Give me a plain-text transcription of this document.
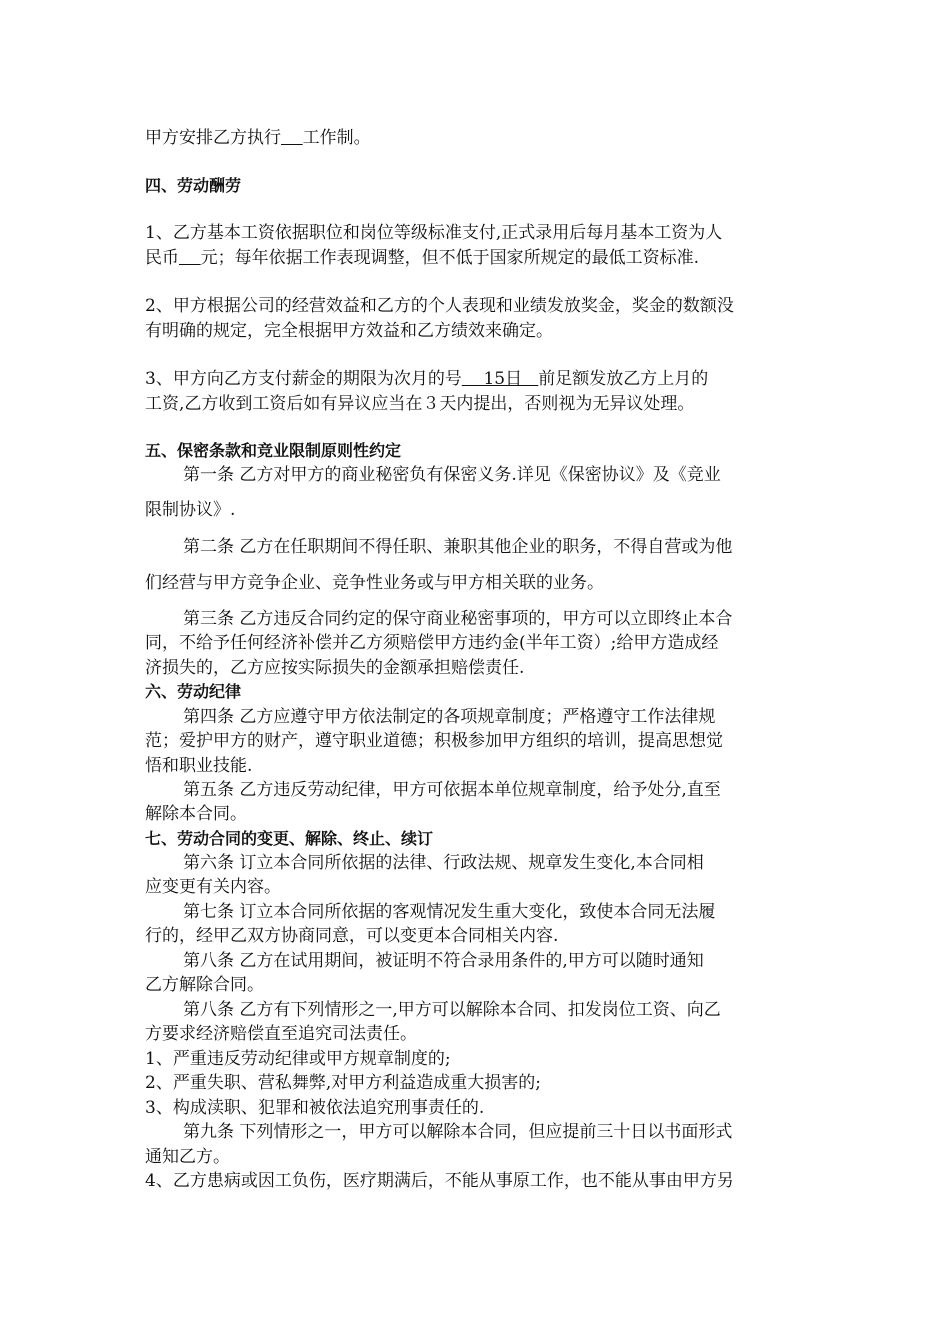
甲方安排乙方执行 工作制。
四、劳动酬劳
1、乙方基本工资依据职位和岗位等级标准支付,正式录用后每月基本工资为人
民币 元；每年依据工作表现调整，但不低于国家所规定的最低工资标准.
2、甲方根据公司的经营效益和乙方的个人表现和业绩发放奖金，奖金的数额没
有明确的规定，完全根据甲方效益和乙方绩效来确定。
3、甲方向乙方支付薪金的期限为次月的号    15日   前足额发放乙方上月的
工资,乙方收到工资后如有异议应当在３天内提出，否则视为无异议处理。
五、保密条款和竞业限制原则性约定
第一条 乙方对甲方的商业秘密负有保密义务.详见《保密协议》及《竞业
限制协议》.
第二条 乙方在任职期间不得任职、兼职其他企业的职务，不得自营或为他
们经营与甲方竞争企业、竞争性业务或与甲方相关联的业务。
第三条 乙方违反合同约定的保守商业秘密事项的，甲方可以立即终止本合
同，不给予任何经济补偿并乙方须赔偿甲方违约金(半年工资）;给甲方造成经
济损失的，乙方应按实际损失的金额承担赔偿责任.
六、劳动纪律
第四条 乙方应遵守甲方依法制定的各项规章制度；严格遵守工作法律规
范；爱护甲方的财产，遵守职业道德；积极参加甲方组织的培训，提高思想觉
悟和职业技能.
第五条 乙方违反劳动纪律，甲方可依据本单位规章制度，给予处分,直至
解除本合同。
七、劳动合同的变更、解除、终止、续订
第六条 订立本合同所依据的法律、行政法规、规章发生变化,本合同相
应变更有关内容。
第七条 订立本合同所依据的客观情况发生重大变化，致使本合同无法履
行的，经甲乙双方协商同意，可以变更本合同相关内容.
第八条 乙方在试用期间，被证明不符合录用条件的,甲方可以随时通知
乙方解除合同。
第八条 乙方有下列情形之一,甲方可以解除本合同、扣发岗位工资、向乙
方要求经济赔偿直至追究司法责任。
1、严重违反劳动纪律或甲方规章制度的;
2、严重失职、营私舞弊,对甲方利益造成重大损害的;
3、构成渎职、犯罪和被依法追究刑事责任的.
第九条 下列情形之一，甲方可以解除本合同，但应提前三十日以书面形式
通知乙方。
4、乙方患病或因工负伤，医疗期满后，不能从事原工作，也不能从事由甲方另
